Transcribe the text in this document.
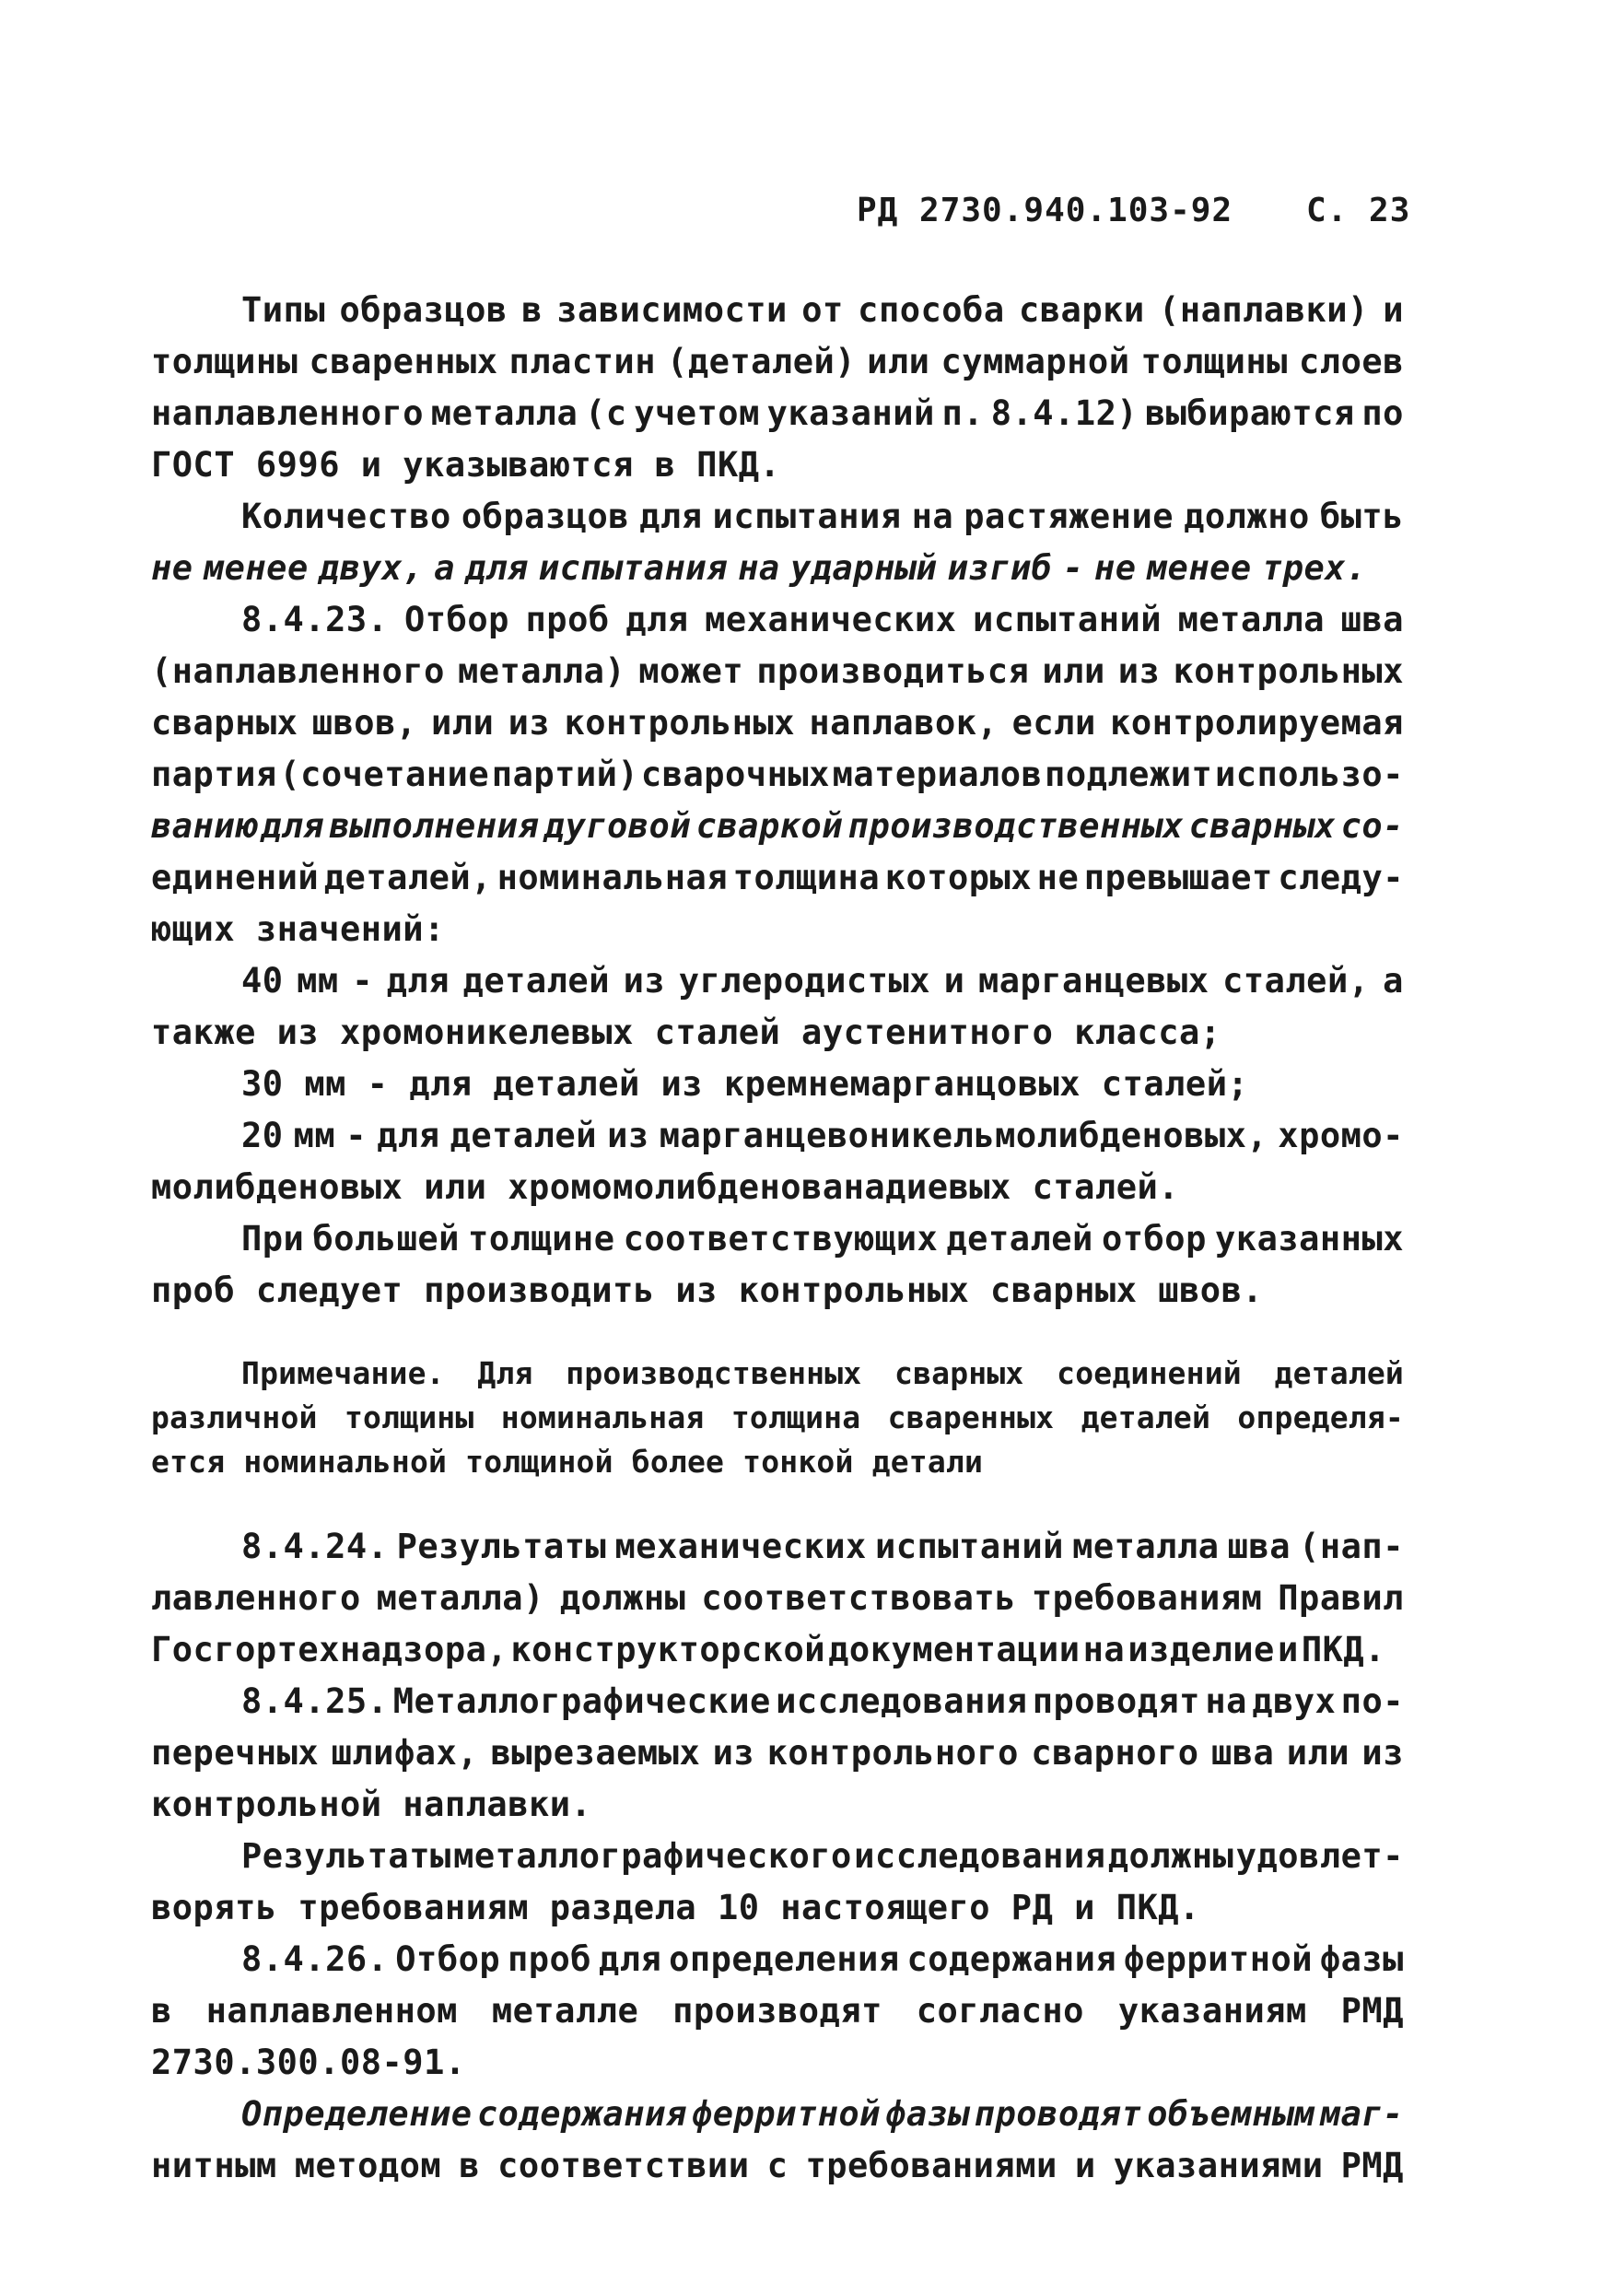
РД 2730.940.103-92 С. 23
Типы образцов в зависимости от способа сварки (наплавки) и
толщины сваренных пластин (деталей) или суммарной толщины слоев
наплавленного металла (с учетом указаний п. 8.4.12) выбираются по
ГОСТ 6996 и указываются в ПКД.
Количество образцов для испытания на растяжение должно быть
не менее двух, а для испытания на ударный изгиб - не менее трех.
8.4.23. Отбор проб для механических испытаний металла шва
(наплавленного металла) может производиться или из контрольных
сварных швов, или из контрольных наплавок, если контролируемая
партия (сочетание партий) сварочных материалов подлежит использо-
ванию для выполнения дуговой сваркой производственных сварных со-
единений деталей, номинальная толщина которых не превышает следу-
ющих значений:
40 мм - для деталей из углеродистых и марганцевых сталей, а
также из хромоникелевых сталей аустенитного класса;
30 мм - для деталей из кремнемарганцовых сталей;
20 мм - для деталей из марганцевоникельмолибденовых, хромо-
молибденовых или хромомолибденованадиевых сталей.
При большей толщине соответствующих деталей отбор указанных
проб следует производить из контрольных сварных швов.
Примечание. Для производственных сварных соединений деталей
различной толщины номинальная толщина сваренных деталей определя-
ется номинальной толщиной более тонкой детали
8.4.24. Результаты механических испытаний металла шва (нап-
лавленного металла) должны соответствовать требованиям Правил
Госгортехнадзора, конструкторской документации на изделие и ПКД.
8.4.25. Металлографические исследования проводят на двух по-
перечных шлифах, вырезаемых из контрольного сварного шва или из
контрольной наплавки.
Результаты металлографического исследования должны удовлет-
ворять требованиям раздела 10 настоящего РД и ПКД.
8.4.26. Отбор проб для определения содержания ферритной фазы
в наплавленном металле производят согласно указаниям РМД
2730.300.08-91.
Определение содержания ферритной фазы проводят объемным маг-
нитным методом в соответствии с требованиями и указаниями РМД
